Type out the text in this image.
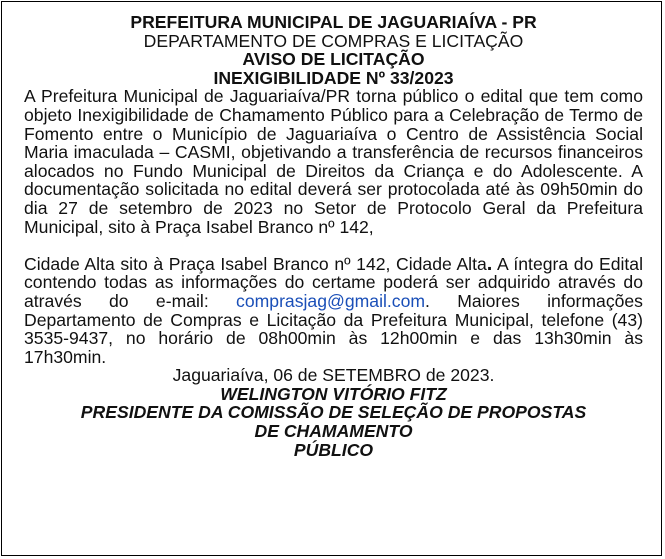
PREFEITURA MUNICIPAL DE JAGUARIAÍVA - PR
DEPARTAMENTO DE COMPRAS E LICITAÇÃO
AVISO DE LICITAÇÃO
INEXIGIBILIDADE Nº 33/2023

A Prefeitura Municipal de Jaguariaíva/PR torna público o edital que tem como objeto Inexigibilidade de Chamamento Público para a Celebração de Termo de Fomento entre o Município de Jaguariaíva o Centro de Assistência Social Maria imaculada – CASMI, objetivando a transferência de recursos financeiros alocados no Fundo Municipal de Direitos da Criança e do Adolescente. A documentação solicitada no edital deverá ser protocolada até às 09h50min do dia 27 de setembro de 2023 no Setor de Protocolo Geral da Prefeitura Municipal, sito à Praça Isabel Branco nº 142,

Cidade Alta sito à Praça Isabel Branco nº 142, Cidade Alta. A íntegra do Edital contendo todas as informações do certame poderá ser adquirido através do através do e-mail: comprasjag@gmail.com. Maiores informações Departamento de Compras e Licitação da Prefeitura Municipal, telefone (43) 3535-9437, no horário de 08h00min às 12h00min e das 13h30min às 17h30min.

Jaguariaíva, 06 de SETEMBRO de 2023.
WELINGTON VITÓRIO FITZ
PRESIDENTE DA COMISSÃO DE SELEÇÃO DE PROPOSTAS
DE CHAMAMENTO
PÚBLICO
